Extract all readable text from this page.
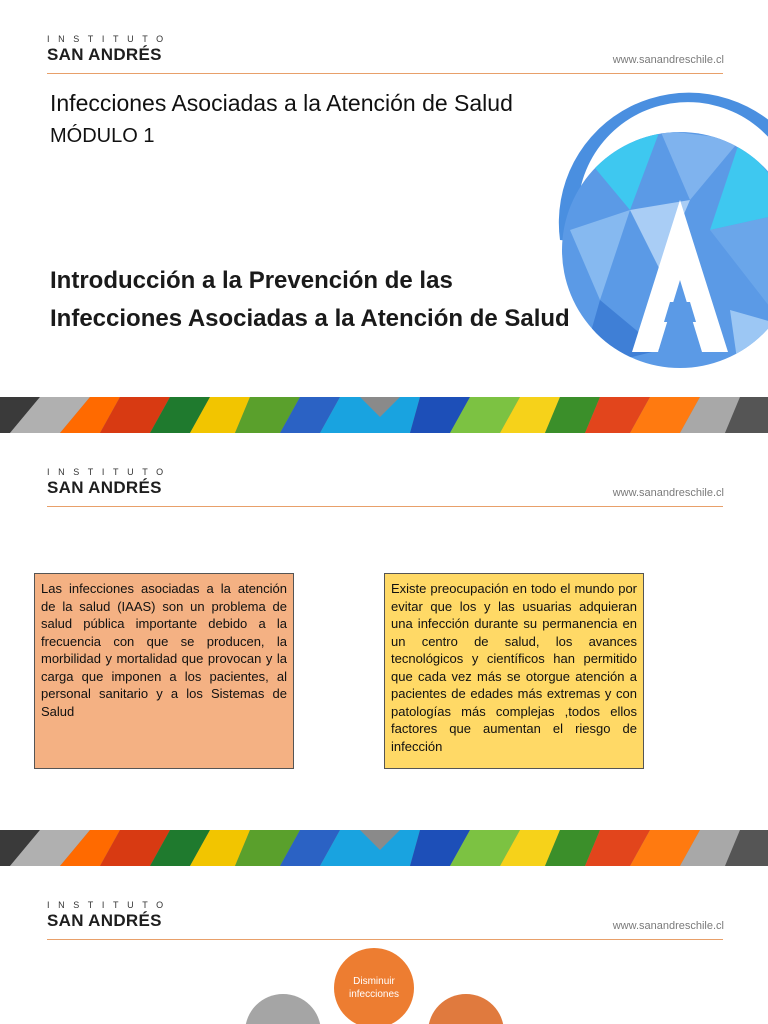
INSTITUTO
SAN ANDRÉS	www.sanandreschile.cl
Infecciones Asociadas a la Atención de Salud
MÓDULO 1
Introducción a la Prevención de las Infecciones Asociadas a la Atención de Salud
A
INSTITUTO
SAN ANDRÉS	www.sanandreschile.cl
Las infecciones asociadas a la atención de la salud (IAAS) son un problema de salud pública importante debido a la frecuencia con que se producen, la morbilidad y mortalidad que provocan y la carga que imponen a los pacientes, al personal sanitario y a los Sistemas de Salud
Existe preocupación en todo el mundo por evitar que los y las usuarias adquieran una infección durante su permanencia en un centro de salud, los avances tecnológicos y científicos han permitido que cada vez más se otorgue atención a pacientes de edades más extremas y con patologías más complejas ,todos ellos factores que aumentan el riesgo de infección
INSTITUTO
SAN ANDRÉS	www.sanandreschile.cl
Disminuir infecciones
